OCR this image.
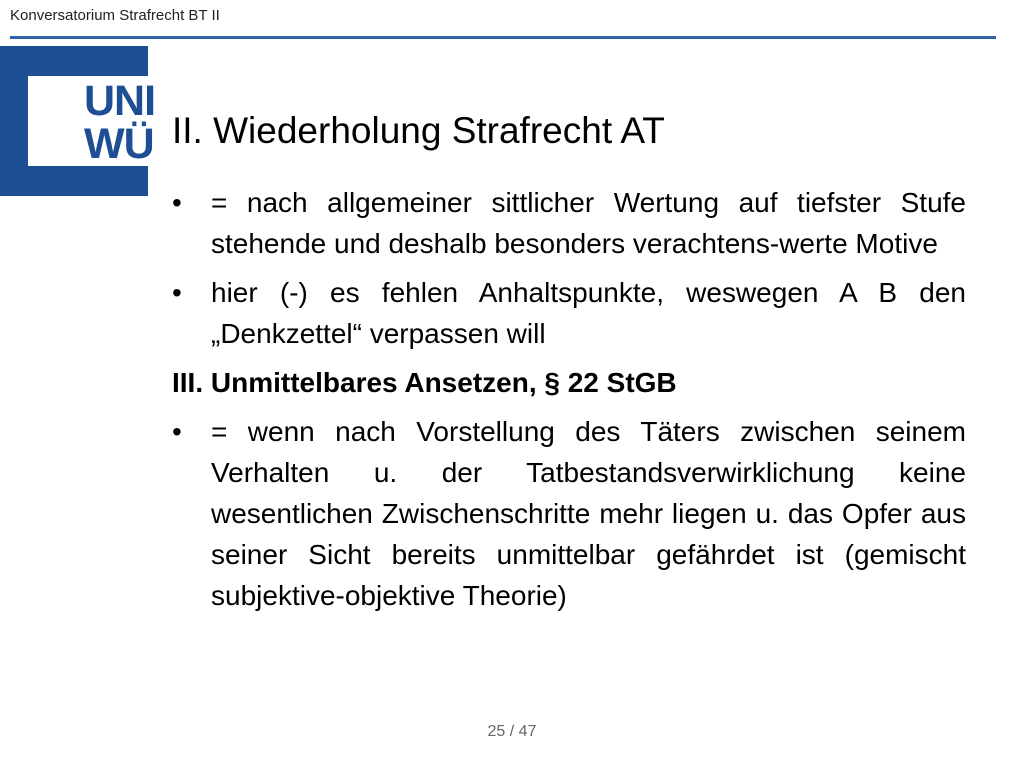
Konversatorium Strafrecht BT II
UNI
WÜ II. Wiederholung Strafrecht AT
•	= nach allgemeiner sittlicher Wertung auf tiefster Stufe stehende und deshalb besonders verachtens-werte Motive
•	hier (-) es fehlen Anhaltspunkte, weswegen A B den „Denkzettel“ verpassen will
III. Unmittelbares Ansetzen, § 22 StGB
•	= wenn nach Vorstellung des Täters zwischen seinem Verhalten u. der Tatbestandsverwirklichung keine wesentlichen Zwischenschritte mehr liegen u. das Opfer aus seiner Sicht bereits unmittelbar gefährdet ist (gemischt subjektive-objektive Theorie)
25 / 47
